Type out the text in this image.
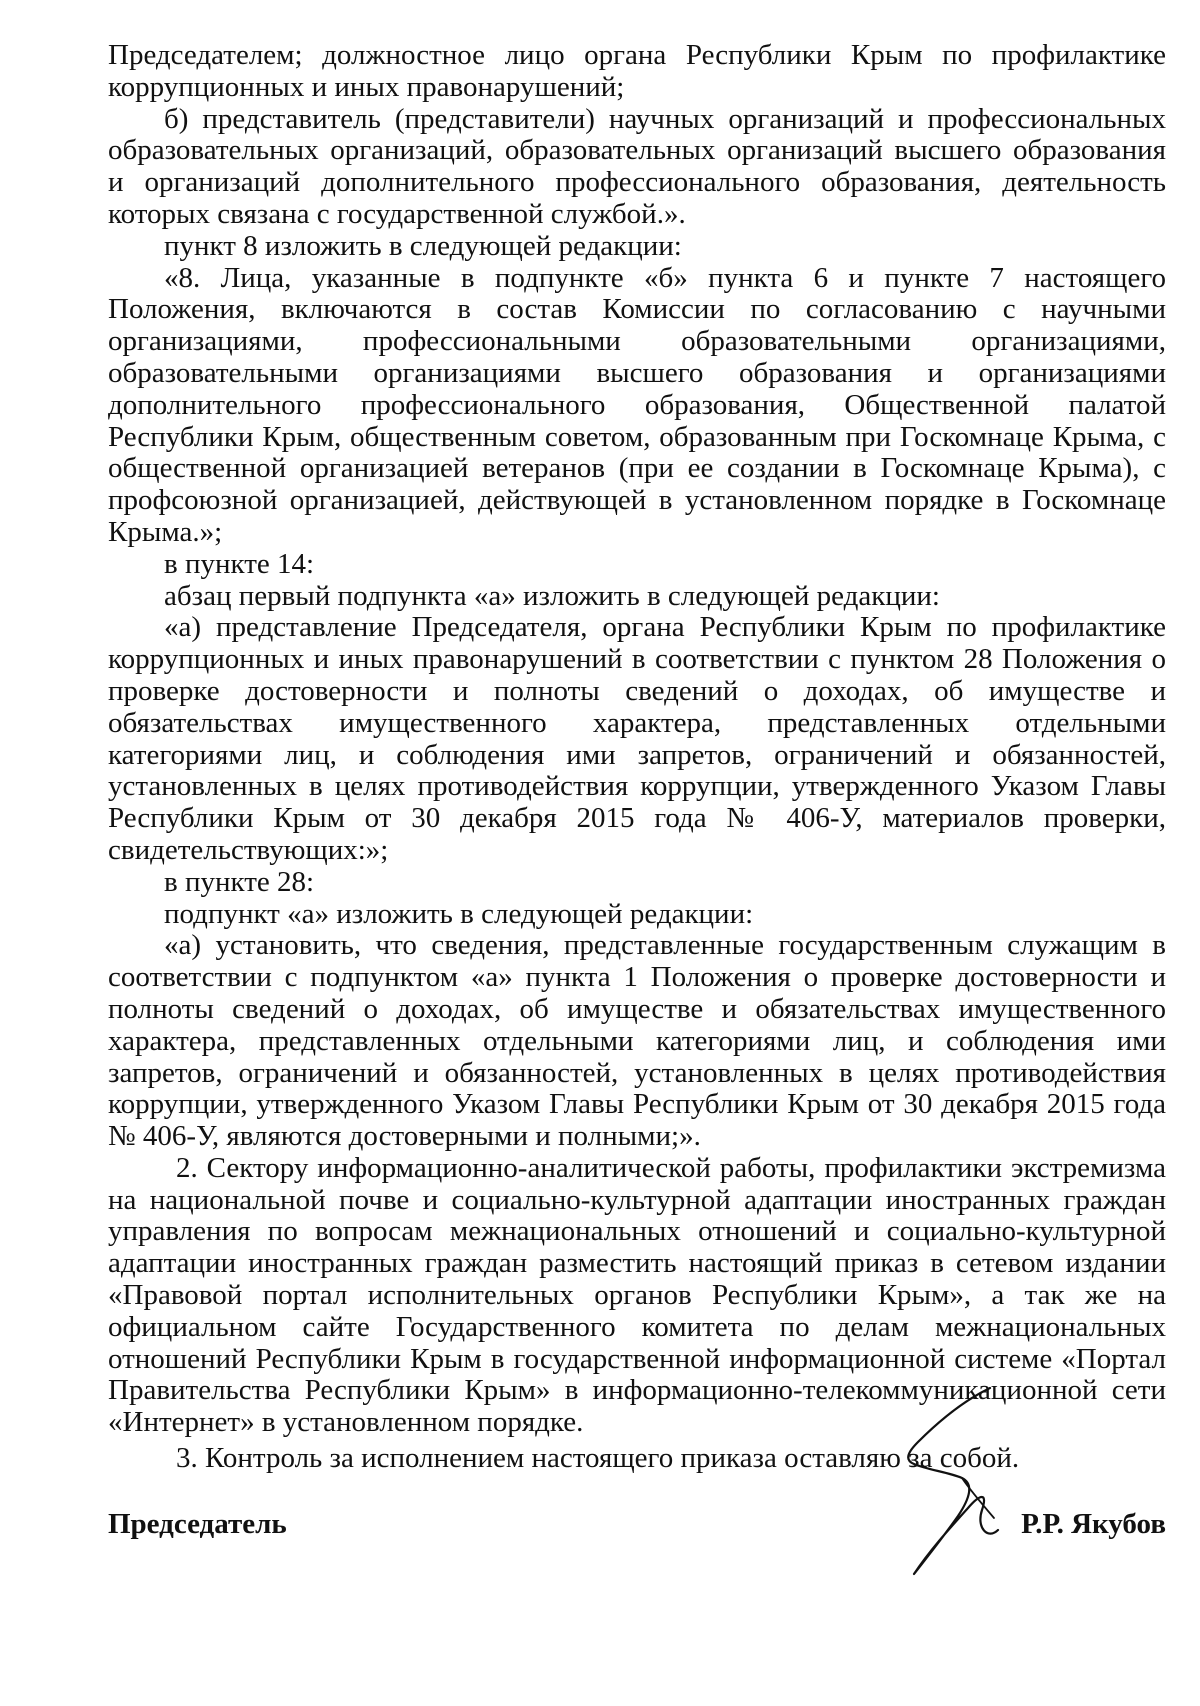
Председателем; должностное лицо органа Республики Крым по профилактике коррупционных и иных правонарушений;

б) представитель (представители) научных организаций и профессиональных образовательных организаций, образовательных организаций высшего образования и организаций дополнительного профессионального образования, деятельность которых связана с государственной службой.».

пункт 8 изложить в следующей редакции:

«8. Лица, указанные в подпункте «б» пункта 6 и пункте 7 настоящего Положения, включаются в состав Комиссии по согласованию с научными организациями, профессиональными образовательными организациями, образовательными организациями высшего образования и организациями дополнительного профессионального образования, Общественной палатой Республики Крым, общественным советом, образованным при Госкомнаце Крыма, с общественной организацией ветеранов (при ее создании в Госкомнаце Крыма), с профсоюзной организацией, действующей в установленном порядке в Госкомнаце Крыма.»;

в пункте 14:

абзац первый подпункта «а» изложить в следующей редакции:

«а) представление Председателя, органа Республики Крым по профилактике коррупционных и иных правонарушений в соответствии с пунктом 28 Положения о проверке достоверности и полноты сведений о доходах, об имуществе и обязательствах имущественного характера, представленных отдельными категориями лиц, и соблюдения ими запретов, ограничений и обязанностей, установленных в целях противодействия коррупции, утвержденного Указом Главы Республики Крым от 30 декабря 2015 года № 406-У, материалов проверки, свидетельствующих:»;

в пункте 28:

подпункт «а» изложить в следующей редакции:

«а) установить, что сведения, представленные государственным служащим в соответствии с подпунктом «а» пункта 1 Положения о проверке достоверности и полноты сведений о доходах, об имуществе и обязательствах имущественного характера, представленных отдельными категориями лиц, и соблюдения ими запретов, ограничений и обязанностей, установленных в целях противодействия коррупции, утвержденного Указом Главы Республики Крым от 30 декабря 2015 года № 406-У, являются достоверными и полными;».

2. Сектору информационно-аналитической работы, профилактики экстремизма на национальной почве и социально-культурной адаптации иностранных граждан управления по вопросам межнациональных отношений и социально-культурной адаптации иностранных граждан разместить настоящий приказ в сетевом издании «Правовой портал исполнительных органов Республики Крым», а так же на официальном сайте Государственного комитета по делам межнациональных отношений Республики Крым в государственной информационной системе «Портал Правительства Республики Крым» в информационно-телекоммуникационной сети «Интернет» в установленном порядке.

3. Контроль за исполнением настоящего приказа оставляю за собой.

Председатель	Р.Р. Якубов
